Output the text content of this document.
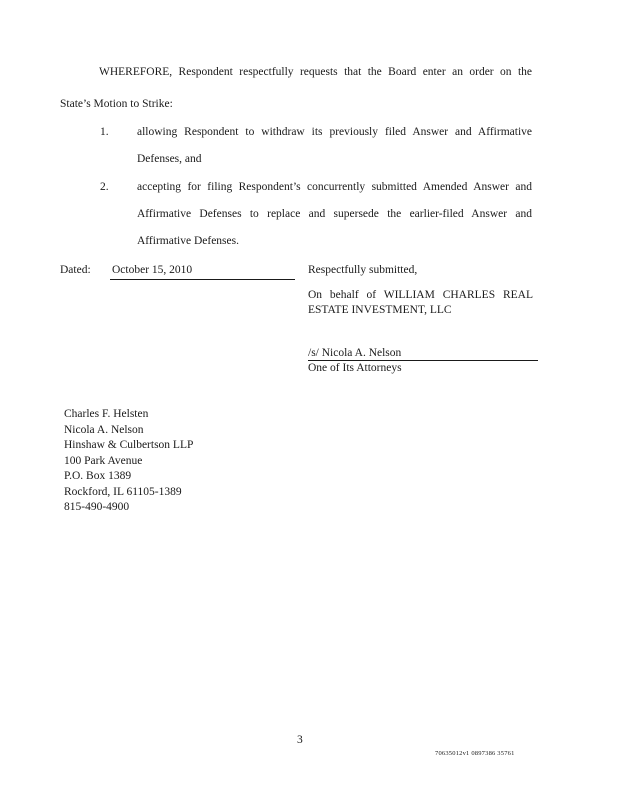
WHEREFORE, Respondent respectfully requests that the Board enter an order on the
State’s Motion to Strike:
1. allowing Respondent to withdraw its previously filed Answer and Affirmative
Defenses, and
2. accepting for filing Respondent’s concurrently submitted Amended Answer and
Affirmative Defenses to replace and supersede the earlier-filed Answer and
Affirmative Defenses.
Dated: October 15, 2010	Respectfully submitted,
On behalf of WILLIAM CHARLES REAL
ESTATE INVESTMENT, LLC
/s/ Nicola A. Nelson
One of Its Attorneys
Charles F. Helsten
Nicola A. Nelson
Hinshaw & Culbertson LLP
100 Park Avenue
P.O. Box 1389
Rockford, IL 61105-1389
815-490-4900
3
70635012v1 0897386 35761
